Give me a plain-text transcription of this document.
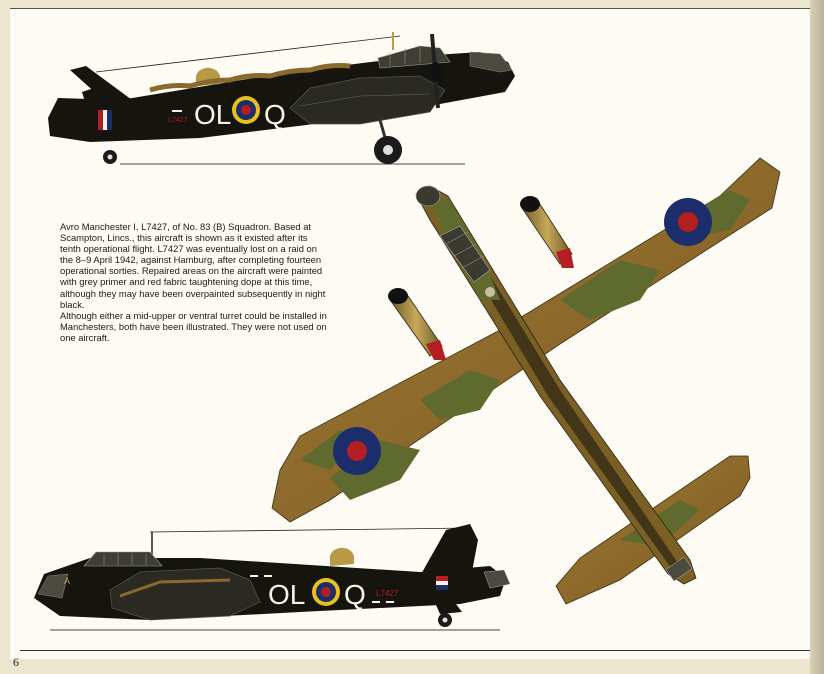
OL Q
L7427
OL Q L7427
A

Avro Manchester I, L7427, of No. 83 (B) Squadron. Based at Scampton, Lincs., this aircraft is shown as it existed after its tenth operational flight. L7427 was eventually lost on a raid on the 8–9 April 1942, against Hamburg, after completing fourteen operational sorties. Repaired areas on the aircraft were painted with grey primer and red fabric taughtening dope at this time, although they may have been overpainted subsequently in night black.

Although either a mid-upper or ventral turret could be installed in Manchesters, both have been illustrated. They were not used on one aircraft.

6
